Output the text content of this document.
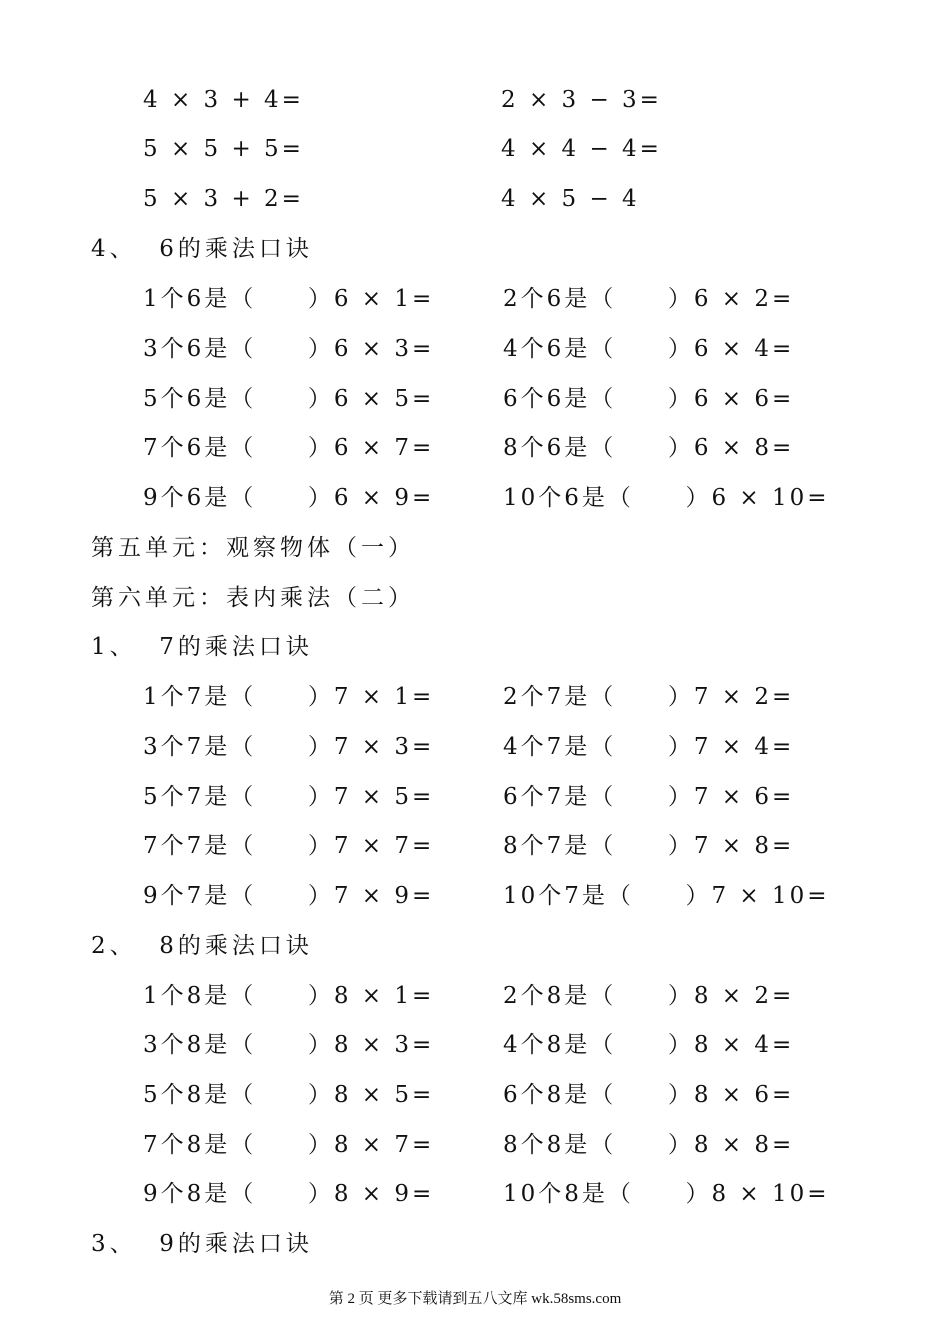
4 × 3 + 4=	2 × 3 − 3=
5 × 5 + 5=	4 × 4 − 4=
5 × 3 + 2=	4 × 5 − 4
4、  6的乘法口诀
1个6是（     ）6 × 1=	2个6是（     ）6 × 2=
3个6是（     ）6 × 3=	4个6是（     ）6 × 4=
5个6是（     ）6 × 5=	6个6是（     ）6 × 6=
7个6是（     ）6 × 7=	8个6是（     ）6 × 8=
9个6是（     ）6 × 9=	10个6是（     ）6 × 10=
第五单元：观察物体（一）
第六单元：表内乘法（二）
1、  7的乘法口诀
1个7是（     ）7 × 1=	2个7是（     ）7 × 2=
3个7是（     ）7 × 3=	4个7是（     ）7 × 4=
5个7是（     ）7 × 5=	6个7是（     ）7 × 6=
7个7是（     ）7 × 7=	8个7是（     ）7 × 8=
9个7是（     ）7 × 9=	10个7是（     ）7 × 10=
2、  8的乘法口诀
1个8是（     ）8 × 1=	2个8是（     ）8 × 2=
3个8是（     ）8 × 3=	4个8是（     ）8 × 4=
5个8是（     ）8 × 5=	6个8是（     ）8 × 6=
7个8是（     ）8 × 7=	8个8是（     ）8 × 8=
9个8是（     ）8 × 9=	10个8是（     ）8 × 10=
3、  9的乘法口诀
第 2 页 更多下载请到五八文库 wk.58sms.com
